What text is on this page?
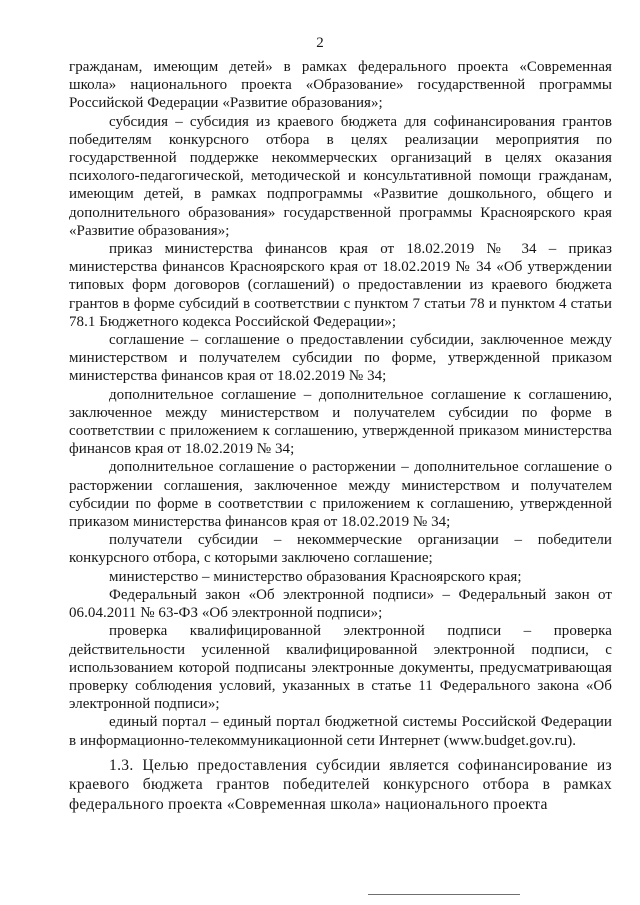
2

гражданам, имеющим детей» в рамках федерального проекта «Современная школа» национального проекта «Образование» государственной программы Российской Федерации «Развитие образования»;

субсидия – субсидия из краевого бюджета для софинансирования грантов победителям конкурсного отбора в целях реализации мероприятия по государственной поддержке некоммерческих организаций в целях оказания психолого-педагогической, методической и консультативной помощи гражданам, имеющим детей, в рамках подпрограммы «Развитие дошкольного, общего и дополнительного образования» государственной программы Красноярского края «Развитие образования»;

приказ министерства финансов края от 18.02.2019 № 34 – приказ министерства финансов Красноярского края от 18.02.2019 № 34 «Об утверждении типовых форм договоров (соглашений) о предоставлении из краевого бюджета грантов в форме субсидий в соответствии с пунктом 7 статьи 78 и пунктом 4 статьи 78.1 Бюджетного кодекса Российской Федерации»;

соглашение – соглашение о предоставлении субсидии, заключенное между министерством и получателем субсидии по форме, утвержденной приказом министерства финансов края от 18.02.2019 № 34;

дополнительное соглашение – дополнительное соглашение к соглашению, заключенное между министерством и получателем субсидии по форме в соответствии с приложением к соглашению, утвержденной приказом министерства финансов края от 18.02.2019 № 34;

дополнительное соглашение о расторжении – дополнительное соглашение о расторжении соглашения, заключенное между министерством и получателем субсидии по форме в соответствии с приложением к соглашению, утвержденной приказом министерства финансов края от 18.02.2019 № 34;

получатели субсидии – некоммерческие организации – победители конкурсного отбора, с которыми заключено соглашение;

министерство – министерство образования Красноярского края;

Федеральный закон «Об электронной подписи» – Федеральный закон от 06.04.2011 № 63-ФЗ «Об электронной подписи»;

проверка квалифицированной электронной подписи – проверка действительности усиленной квалифицированной электронной подписи, с использованием которой подписаны электронные документы, предусматривающая проверку соблюдения условий, указанных в статье 11 Федерального закона «Об электронной подписи»;

единый портал – единый портал бюджетной системы Российской Федерации в информационно-телекоммуникационной сети Интернет (www.budget.gov.ru).

1.3. Целью предоставления субсидии является софинансирование из краевого бюджета грантов победителей конкурсного отбора в рамках федерального проекта «Современная школа» национального проекта
